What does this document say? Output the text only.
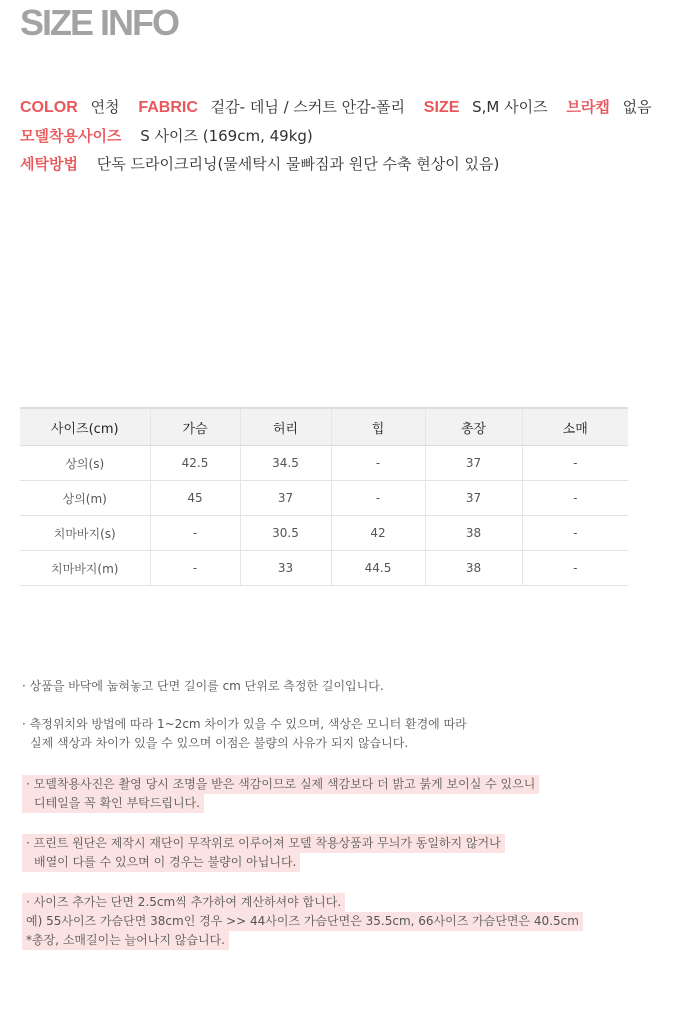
SIZE INFO
COLOR 연청 FABRIC 겉감- 데님 / 스커트 안감-폴리 SIZE S,M 사이즈 브라캡 없음
모델착용사이즈 S 사이즈 (169cm, 49kg)
세탁방법 단독 드라이크리닝(물세탁시 물빠짐과 원단 수축 현상이 있음)
사이즈(cm)	가슴	허리	힙	총장	소매
상의(s)	42.5	34.5	-	37	-
상의(m)	45	37	-	37	-
치마바지(s)	-	30.5	42	38	-
치마바지(m)	-	33	44.5	38	-

· 상품을 바닥에 눕혀놓고 단면 길이를 cm 단위로 측정한 길이입니다.

· 측정위치와 방법에 따라 1~2cm 차이가 있을 수 있으며, 색상은 모니터 환경에 따라

실제 색상과 차이가 있을 수 있으며 이점은 불량의 사유가 되지 않습니다.

· 모델착용사진은 촬영 당시 조명을 받은 색감이므로 실제 색감보다 더 밝고 붉게 보이실 수 있으니
디테일을 꼭 확인 부탁드립니다.
· 프린트 원단은 제작시 재단이 무작위로 이루어져 모델 착용상품과 무늬가 동일하지 않거나
배열이 다를 수 있으며 이 경우는 불량이 아닙니다.
· 사이즈 추가는 단면 2.5cm씩 추가하여 계산하셔야 합니다.
예) 55사이즈 가슴단면 38cm인 경우 >> 44사이즈 가슴단면은 35.5cm, 66사이즈 가슴단면은 40.5cm
*총장, 소매길이는 늘어나지 않습니다.
